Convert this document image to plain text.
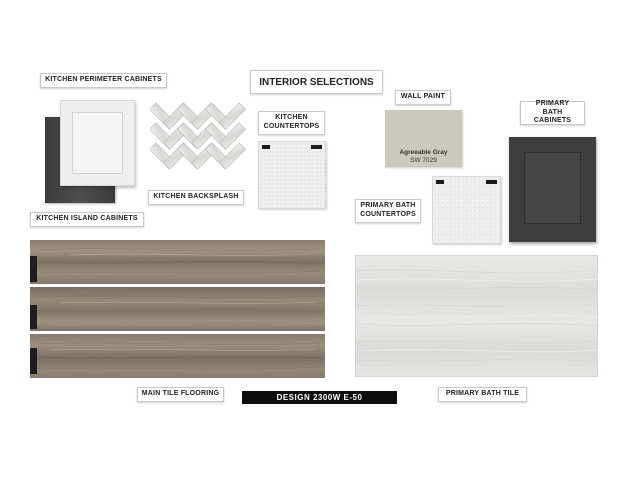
INTERIOR SELECTIONS
KITCHEN PERIMETER CABINETS
KITCHEN ISLAND CABINETS
KITCHEN BACKSPLASH
KITCHEN COUNTERTOPS
WALL PAINT
Agreeable Gray
SW 7029
PRIMARY BATH CABINETS
PRIMARY BATH COUNTERTOPS
MAIN TILE FLOORING	DESIGN 2300W E-50	PRIMARY BATH TILE
